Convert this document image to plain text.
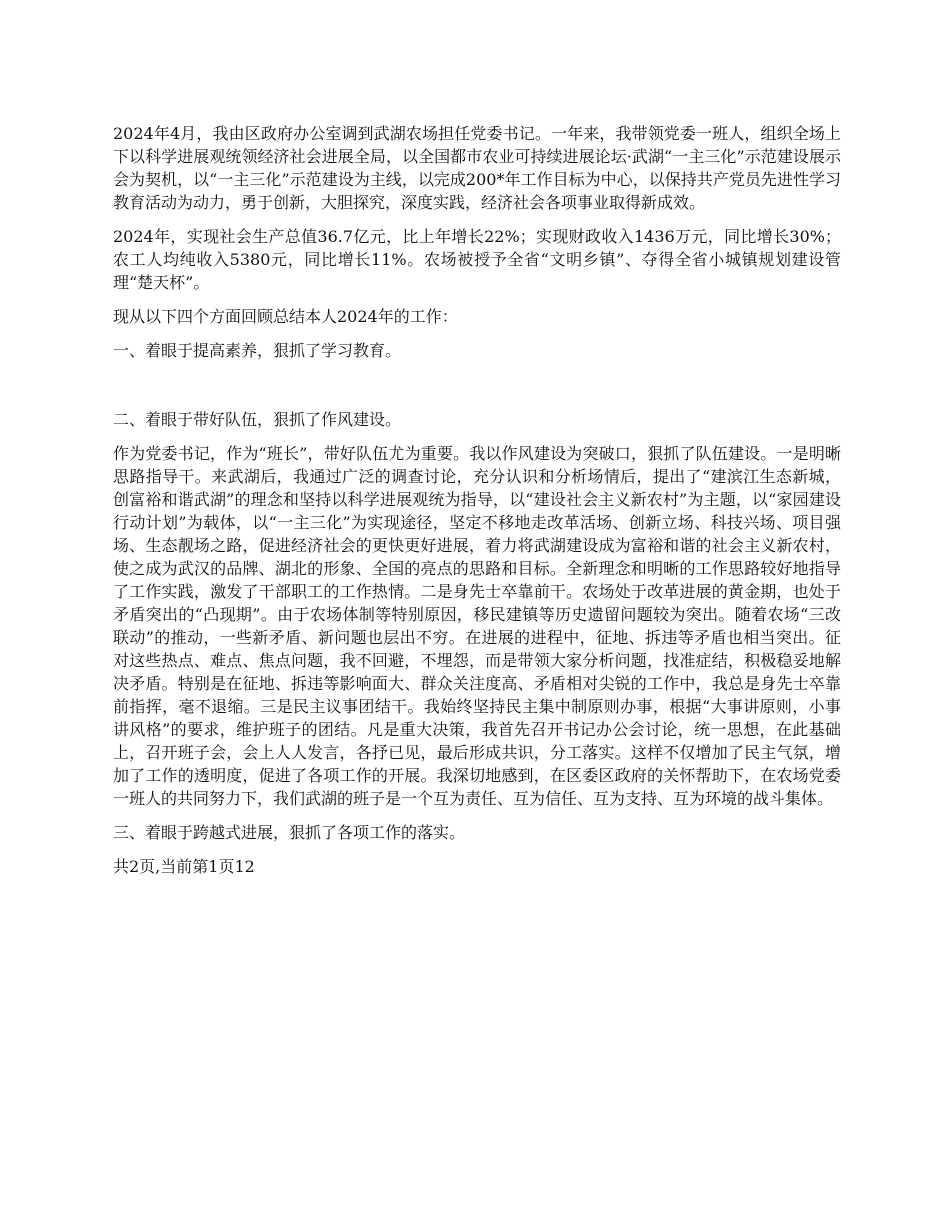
2024年4月，我由区政府办公室调到武湖农场担任党委书记。一年来，我带领党委一班人，组织全场上下以科学进展观统领经济社会进展全局，以全国都市农业可持续进展论坛·武湖“一主三化”示范建设展示会为契机，以“一主三化”示范建设为主线，以完成200*年工作目标为中心，以保持共产党员先进性学习教育活动为动力，勇于创新，大胆探究，深度实践，经济社会各项事业取得新成效。

2024年，实现社会生产总值36.7亿元，比上年增长22%；实现财政收入1436万元，同比增长30%；农工人均纯收入5380元，同比增长11%。农场被授予全省“文明乡镇”、夺得全省小城镇规划建设管理“楚天杯”。

现从以下四个方面回顾总结本人2024年的工作：

一、着眼于提高素养，狠抓了学习教育。

二、着眼于带好队伍，狠抓了作风建设。

作为党委书记，作为“班长”，带好队伍尤为重要。我以作风建设为突破口，狠抓了队伍建设。一是明晰思路指导干。来武湖后，我通过广泛的调查讨论，充分认识和分析场情后，提出了“建滨江生态新城，创富裕和谐武湖”的理念和坚持以科学进展观统为指导，以“建设社会主义新农村”为主题，以“家园建设行动计划”为载体，以“一主三化”为实现途径，坚定不移地走改革活场、创新立场、科技兴场、项目强场、生态靓场之路，促进经济社会的更快更好进展，着力将武湖建设成为富裕和谐的社会主义新农村，使之成为武汉的品牌、湖北的形象、全国的亮点的思路和目标。全新理念和明晰的工作思路较好地指导了工作实践，激发了干部职工的工作热情。二是身先士卒靠前干。农场处于改革进展的黄金期，也处于矛盾突出的“凸现期”。由于农场体制等特别原因，移民建镇等历史遗留问题较为突出。随着农场“三改联动”的推动，一些新矛盾、新问题也层出不穷。在进展的进程中，征地、拆违等矛盾也相当突出。征对这些热点、难点、焦点问题，我不回避，不埋怨，而是带领大家分析问题，找准症结，积极稳妥地解决矛盾。特别是在征地、拆违等影响面大、群众关注度高、矛盾相对尖锐的工作中，我总是身先士卒靠前指挥，毫不退缩。三是民主议事团结干。我始终坚持民主集中制原则办事，根据“大事讲原则，小事讲风格”的要求，维护班子的团结。凡是重大决策，我首先召开书记办公会讨论，统一思想，在此基础上，召开班子会，会上人人发言，各抒已见，最后形成共识，分工落实。这样不仅增加了民主气氛，增加了工作的透明度，促进了各项工作的开展。我深切地感到，在区委区政府的关怀帮助下，在农场党委一班人的共同努力下，我们武湖的班子是一个互为责任、互为信任、互为支持、互为环境的战斗集体。

三、着眼于跨越式进展，狠抓了各项工作的落实。

共2页,当前第1页12
